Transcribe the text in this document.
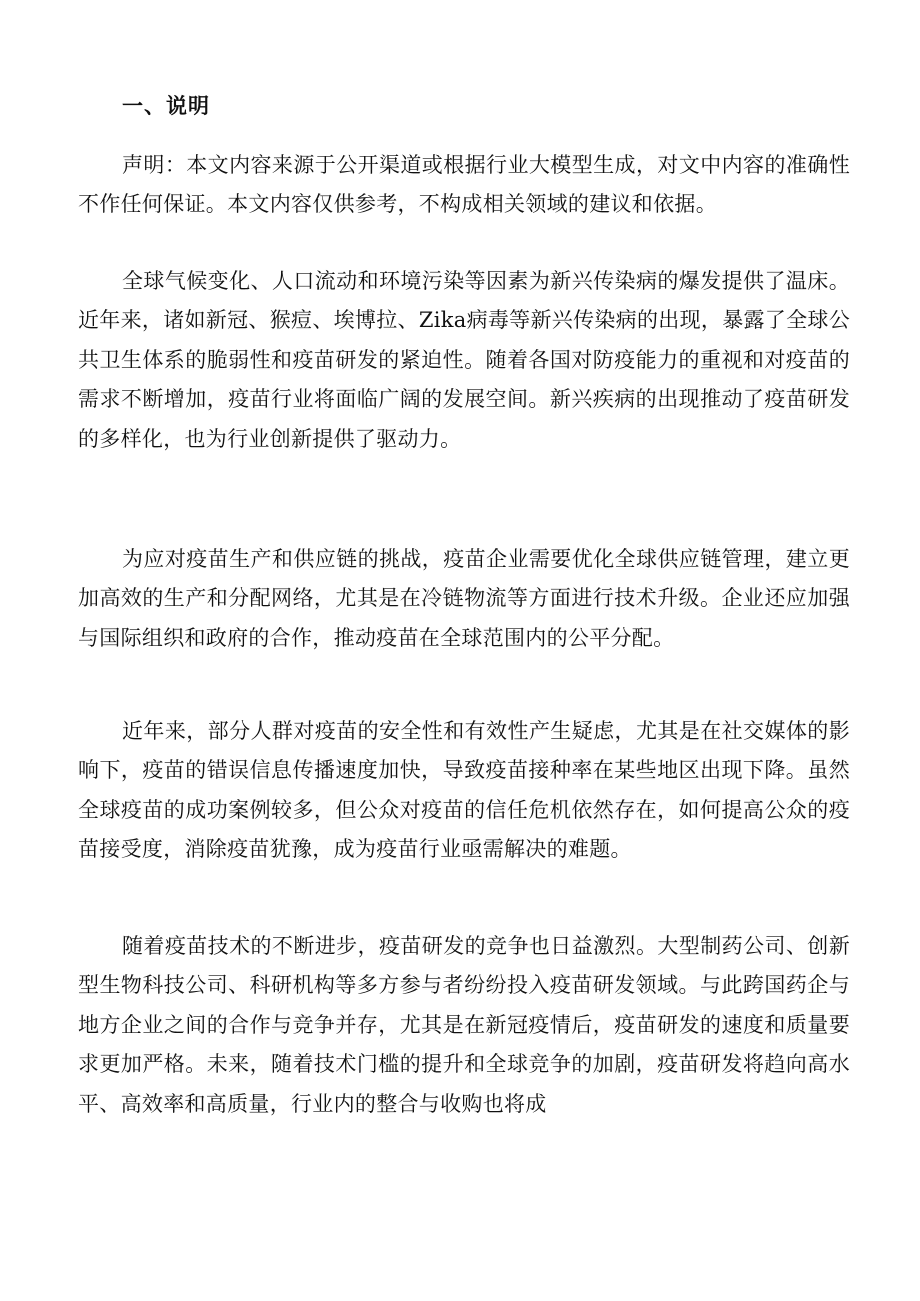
一、说明

声明：本文内容来源于公开渠道或根据行业大模型生成，对文中内容的准确性不作任何保证。本文内容仅供参考，不构成相关领域的建议和依据。

全球气候变化、人口流动和环境污染等因素为新兴传染病的爆发提供了温床。近年来，诸如新冠、猴痘、埃博拉、Zika病毒等新兴传染病的出现，暴露了全球公共卫生体系的脆弱性和疫苗研发的紧迫性。随着各国对防疫能力的重视和对疫苗的需求不断增加，疫苗行业将面临广阔的发展空间。新兴疾病的出现推动了疫苗研发的多样化，也为行业创新提供了驱动力。

为应对疫苗生产和供应链的挑战，疫苗企业需要优化全球供应链管理，建立更加高效的生产和分配网络，尤其是在冷链物流等方面进行技术升级。企业还应加强与国际组织和政府的合作，推动疫苗在全球范围内的公平分配。

近年来，部分人群对疫苗的安全性和有效性产生疑虑，尤其是在社交媒体的影响下，疫苗的错误信息传播速度加快，导致疫苗接种率在某些地区出现下降。虽然全球疫苗的成功案例较多，但公众对疫苗的信任危机依然存在，如何提高公众的疫苗接受度，消除疫苗犹豫，成为疫苗行业亟需解决的难题。

随着疫苗技术的不断进步，疫苗研发的竞争也日益激烈。大型制药公司、创新型生物科技公司、科研机构等多方参与者纷纷投入疫苗研发领域。与此跨国药企与地方企业之间的合作与竞争并存，尤其是在新冠疫情后，疫苗研发的速度和质量要求更加严格。未来，随着技术门槛的提升和全球竞争的加剧，疫苗研发将趋向高水平、高效率和高质量，行业内的整合与收购也将成
